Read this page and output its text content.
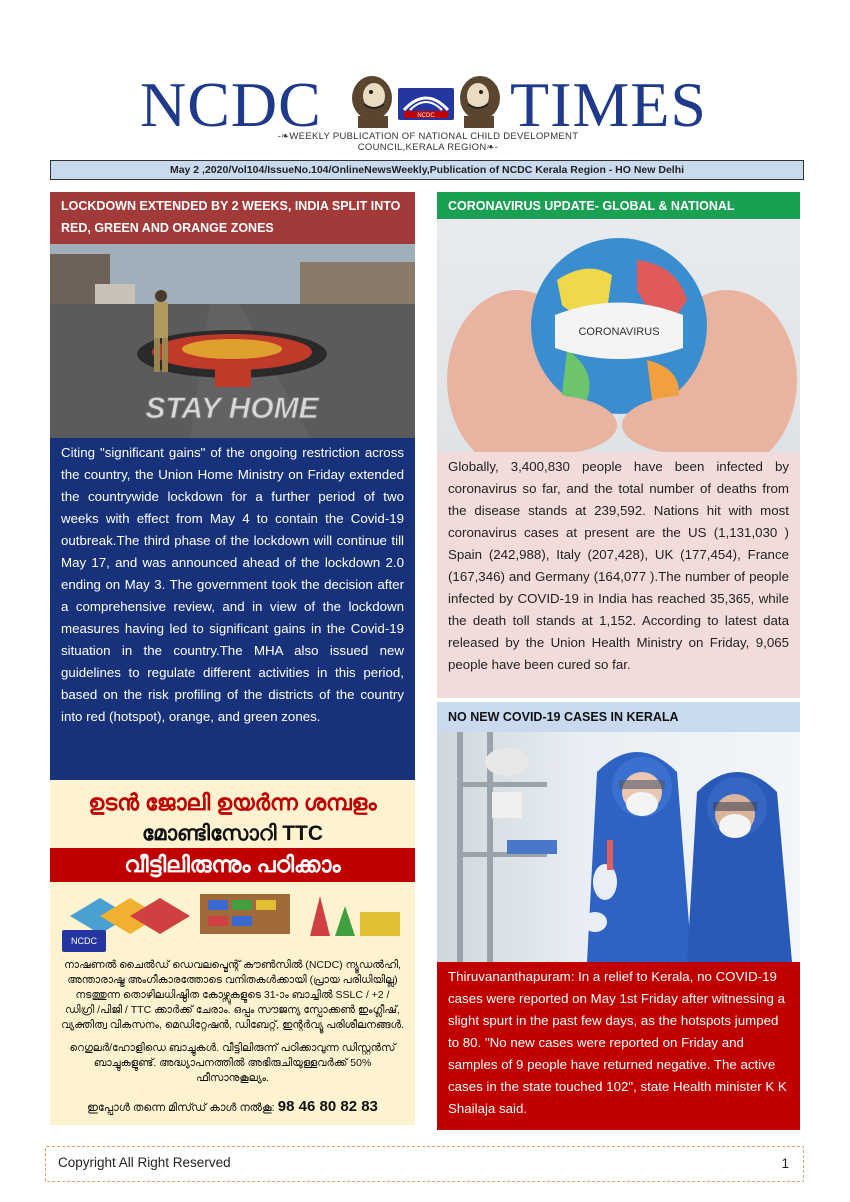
NCDC	NCDC TIMES
-❧WEEKLY PUBLICATION OF NATIONAL CHILD DEVELOPMENT COUNCIL,KERALA REGION❧-
May 2 ,2020/Vol104/IssueNo.104/OnlineNewsWeekly,Publication of NCDC Kerala Region - HO New Delhi
LOCKDOWN EXTENDED BY 2 WEEKS, INDIA SPLIT INTO RED, GREEN AND ORANGE ZONES
STAY HOME
Citing "significant gains" of the ongoing restriction across the country, the Union Home Ministry on Friday extended the countrywide lockdown for a further period of two weeks with effect from May 4 to contain the Covid-19 outbreak.The third phase of the lockdown will continue till May 17, and was announced ahead of the lockdown 2.0 ending on May 3. The government took the decision after a comprehensive review, and in view of the lockdown measures having led to significant gains in the Covid-19 situation in the country.The MHA also issued new guidelines to regulate different activities in this period, based on the risk profiling of the districts of the country into red (hotspot), orange, and green zones.
CORONAVIRUS UPDATE- GLOBAL & NATIONAL
CORONAVIRUS
Globally, 3,400,830 people have been infected by coronavirus so far, and the total number of deaths from the disease stands at 239,592. Nations hit with most coronavirus cases at present are the US (1,131,030 ) Spain (242,988), Italy (207,428), UK (177,454), France (167,346) and Germany (164,077 ).The number of people infected by COVID-19 in India has reached 35,365, while the death toll stands at 1,152. According to latest data released by the Union Health Ministry on Friday, 9,065 people have been cured so far.
NO NEW COVID-19 CASES IN KERALA
Thiruvananthapuram: In a relief to Kerala, no COVID-19 cases were reported on May 1st Friday after witnessing a slight spurt in the past few days, as the hotspots jumped to 80. "No new cases were reported on Friday and samples of 9 people have returned negative. The active cases in the state touched 102", state Health minister K K Shailaja said.
ഉടൻ ജോലി ഉയർന്ന ശമ്പളം
മോണ്ടിസോറി TTC
വീട്ടിലിരുന്നും പഠിക്കാം
NCDC
നാഷണൽ ചൈൽഡ് ഡെവലപ്മെന്റ് കൗൺസിൽ (NCDC) ന്യൂഡൽഹി, അന്താരാഷ്ട്ര അംഗീകാരത്തോടെ വനിതകൾക്കായി (പ്രായ പരിധിയില്ല) നടത്തുന്ന തൊഴിലധിഷ്ഠിത കോഴ്സുകളുടെ 31-ാം ബാച്ചിൽ SSLC / +2 / ഡിഗ്രി /പിജി / TTC ക്കാർക്ക് ചേരാം. ഒപ്പം സൗജന്യ സ്പോക്കൺ ഇംഗ്ലീഷ്, വ്യക്തിത്വ വികസനം, മെഡിറ്റേഷൻ, ഡിബേറ്റ്, ഇന്റർവ്യൂ പരിശീലനങ്ങൾ.
റെഗുലർ/ഹോളിഡെ ബാച്ചുകൾ. വീട്ടിലിരുന്ന് പഠിക്കാവുന്ന ഡിസ്റ്റൻസ് ബാച്ചുകളുണ്ട്. അദ്ധ്യാപനത്തിൽ അഭിരുചിയുള്ളവർക്ക് 50% ഫീസാനുകൂല്യം.
ഇപ്പോൾ തന്നെ മിസ്ഡ് കാൾ നൽകൂ: 98 46 80 82 83
Copyright All Right Reserved	1
